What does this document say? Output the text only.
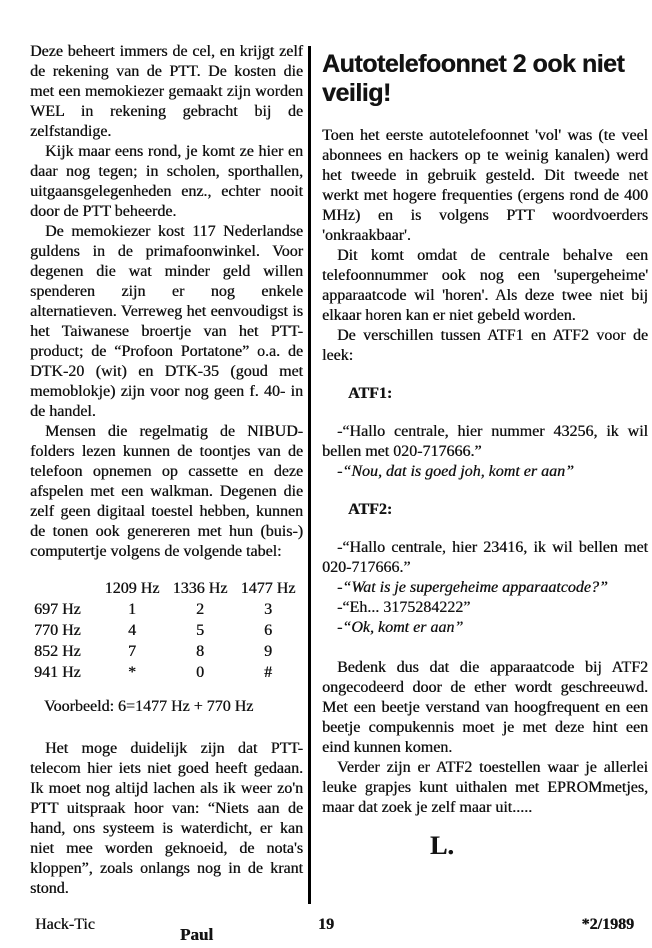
Deze beheert immers de cel, en krijgt zelf de rekening van de PTT. De kosten die met een memokiezer gemaakt zijn worden WEL in rekening gebracht bij de zelfstandige.

Kijk maar eens rond, je komt ze hier en daar nog tegen; in scholen, sporthallen, uitgaansgelegenheden enz., echter nooit door de PTT beheerde.

De memokiezer kost 117 Nederlandse guldens in de primafoonwinkel. Voor degenen die wat minder geld willen spenderen zijn er nog enkele alternatieven. Verreweg het eenvoudigst is het Taiwanese broertje van het PTT-product; de “Profoon Portatone” o.a. de DTK-20 (wit) en DTK-35 (goud met memoblokje) zijn voor nog geen f. 40- in de handel.

Mensen die regelmatig de NIBUD-folders lezen kunnen de toontjes van de telefoon opnemen op cassette en deze afspelen met een walkman. Degenen die zelf geen digitaal toestel hebben, kunnen de tonen ook genereren met hun (buis-) computertje volgens de volgende tabel:

	1209 Hz	1336 Hz	1477 Hz
697 Hz	1	2	3
770 Hz	4	5	6
852 Hz	7	8	9
941 Hz	*	0	#

Voorbeeld: 6=1477 Hz + 770 Hz

Het moge duidelijk zijn dat PTT-telecom hier iets niet goed heeft gedaan. Ik moet nog altijd lachen als ik weer zo'n PTT uitspraak hoor van: “Niets aan de hand, ons systeem is waterdicht, er kan niet mee worden geknoeid, de nota's kloppen”, zoals onlangs nog in de krant stond.

Paul

Autotelefoonnet 2 ook niet veilig!

Toen het eerste autotelefoonnet 'vol' was (te veel abonnees en hackers op te weinig kanalen) werd het tweede in gebruik gesteld. Dit tweede net werkt met hogere frequenties (ergens rond de 400 MHz) en is volgens PTT woordvoerders 'onkraakbaar'.

Dit komt omdat de centrale behalve een telefoonnummer ook nog een 'supergeheime' apparaatcode wil 'horen'. Als deze twee niet bij elkaar horen kan er niet gebeld worden.

De verschillen tussen ATF1 en ATF2 voor de leek:

ATF1:

-“Hallo centrale, hier nummer 43256, ik wil bellen met 020-717666.”

-“Nou, dat is goed joh, komt er aan”

ATF2:

-“Hallo centrale, hier 23416, ik wil bellen met 020-717666.”

-“Wat is je supergeheime apparaatcode?”

-“Eh... 3175284222”

-“Ok, komt er aan”

Bedenk dus dat die apparaatcode bij ATF2 ongecodeerd door de ether wordt geschreeuwd. Met een beetje verstand van hoogfrequent en een beetje compukennis moet je met deze hint een eind kunnen komen.

Verder zijn er ATF2 toestellen waar je allerlei leuke grapjes kunt uithalen met EPROMmetjes, maar dat zoek je zelf maar uit.....

L.

Hack-Tic	19	*2/1989
